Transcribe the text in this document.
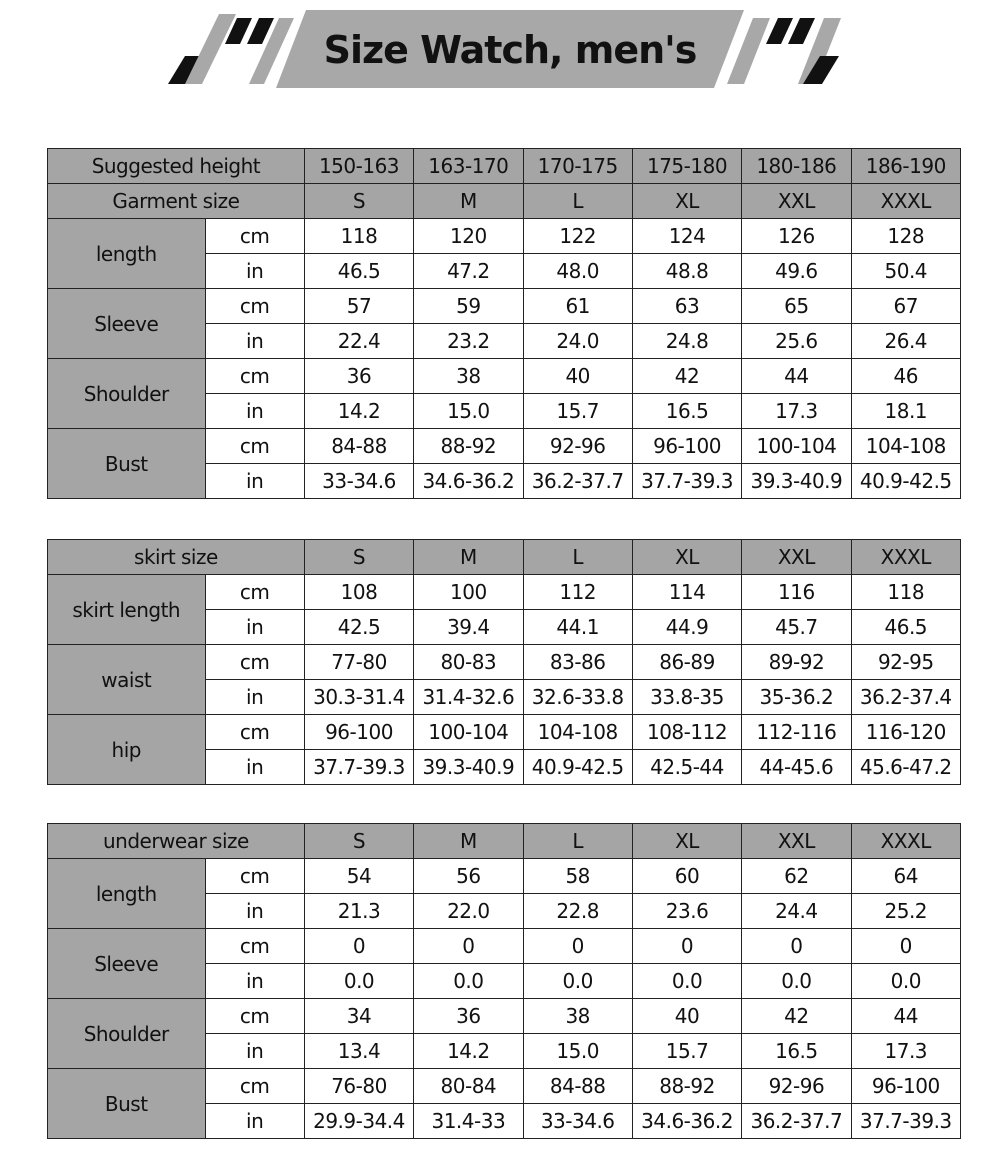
Size Watch, men's
Suggested height		150-163	163-170	170-175	175-180	180-186	186-190
Garment size		S	M	L	XL	XXL	XXXL
length	cm	118	120	122	124	126	128
	in	46.5	47.2	48.0	48.8	49.6	50.4
Sleeve	cm	57	59	61	63	65	67
	in	22.4	23.2	24.0	24.8	25.6	26.4
Shoulder	cm	36	38	40	42	44	46
	in	14.2	15.0	15.7	16.5	17.3	18.1
Bust	cm	84-88	88-92	92-96	96-100	100-104	104-108
	in	33-34.6	34.6-36.2	36.2-37.7	37.7-39.3	39.3-40.9	40.9-42.5
skirt size		S	M	L	XL	XXL	XXXL
skirt length	cm	108	100	112	114	116	118
	in	42.5	39.4	44.1	44.9	45.7	46.5
waist	cm	77-80	80-83	83-86	86-89	89-92	92-95
	in	30.3-31.4	31.4-32.6	32.6-33.8	33.8-35	35-36.2	36.2-37.4
hip	cm	96-100	100-104	104-108	108-112	112-116	116-120
	in	37.7-39.3	39.3-40.9	40.9-42.5	42.5-44	44-45.6	45.6-47.2
underwear size		S	M	L	XL	XXL	XXXL
length	cm	54	56	58	60	62	64
	in	21.3	22.0	22.8	23.6	24.4	25.2
Sleeve	cm	0	0	0	0	0	0
	in	0.0	0.0	0.0	0.0	0.0	0.0
Shoulder	cm	34	36	38	40	42	44
	in	13.4	14.2	15.0	15.7	16.5	17.3
Bust	cm	76-80	80-84	84-88	88-92	92-96	96-100
	in	29.9-34.4	31.4-33	33-34.6	34.6-36.2	36.2-37.7	37.7-39.3
